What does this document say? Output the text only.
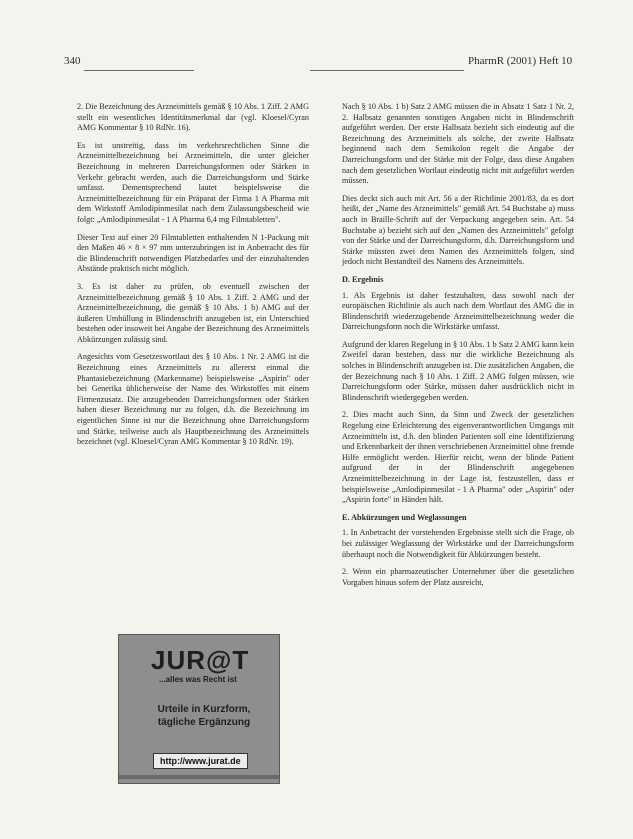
340	PharmR (2001) Heft 10

2. Die Bezeichnung des Arzneimittels gemäß § 10 Abs. 1 Ziff. 2 AMG stellt ein wesentliches Identitätsmerkmal dar (vgl. Kloesel/Cyran AMG Kommentar § 10 RdNr. 16).

Es ist unstreitig, dass im verkehrsrechtlichen Sinne die Arzneimittelbezeichnung bei Arzneimitteln, die unter gleicher Bezeichnung in mehreren Darreichungsformen oder Stärken in Verkehr gebracht werden, auch die Darreichungsform und Stärke umfasst. Dementsprechend lautet beispielsweise die Arzneimittelbezeichnung für ein Präparat der Firma 1 A Pharma mit dem Wirkstoff Amlodipinmesilat nach dem Zulassungsbescheid wie folgt: „Amlodipinmesilat - 1 A Pharma 6,4 mg Filmtabletten".

Dieser Text auf einer 20 Filmtabletten enthaltenden N 1-Packung mit den Maßen 46 × 8 × 97 mm unterzubringen ist in Anbetracht des für die Blindenschrift notwendigen Platzbedarfes und der einzuhaltenden Abstände praktisch nicht möglich.

3. Es ist daher zu prüfen, ob eventuell zwischen der Arzneimittelbezeichnung gemäß § 10 Abs. 1 Ziff. 2 AMG und der Arzneimittelbezeichnung, die gemäß § 10 Abs. 1 b) AMG auf der äußeren Umhüllung in Blindenschrift anzugeben ist, ein Unterschied bestehen oder insoweit bei Angabe der Bezeichnung des Arzneimittels Abkürzungen zulässig sind.

Angesichts vom Gesetzeswortlaut des § 10 Abs. 1 Nr. 2 AMG ist die Bezeichnung eines Arzneimittels zu allererst einmal die Phantasiebezeichnung (Markenname) beispielsweise „Aspirin" oder bei Generika üblicherweise der Name des Wirkstoffes mit einem Firmenzusatz. Die anzugebenden Darreichungsformen oder Stärken haben dieser Bezeichnung nur zu folgen, d.h. die Bezeichnung im eigentlichen Sinne ist nur die Bezeichnung ohne Darreichungsform und Stärke, teilweise auch als Hauptbezeichnung des Arzneimittels bezeichnet (vgl. Kloesel/Cyran AMG Kommentar § 10 RdNr. 19).

Nach § 10 Abs. 1 b) Satz 2 AMG müssen die in Absatz 1 Satz 1 Nr. 2, 2. Halbsatz genannten sonstigen Angaben nicht in Blindenschrift aufgeführt werden. Der erste Halbsatz bezieht sich eindeutig auf die Bezeichnung des Arzneimittels als solche, der zweite Halbsatz beginnend nach dem Semikolon regelt die Angabe der Darreichungsform und der Stärke mit der Folge, dass diese Angaben nach dem gesetzlichen Wortlaut eindeutig nicht mit aufgeführt werden müssen.

Dies deckt sich auch mit Art. 56 a der Richtlinie 2001/83, da es dort heißt, der „Name des Arzneimittels" gemäß Art. 54 Buchstabe a) muss auch in Braille-Schrift auf der Verpackung angegeben sein. Art. 54 Buchstabe a) bezieht sich auf den „Namen des Arzneimittels" gefolgt von der Stärke und der Darreichungsform, d.h. Darreichungsform und Stärke müssten zwei dem Namen des Arzneimittels folgen, sind jedoch nicht Bestandteil des Namens des Arzneimittels.

D. Ergebnis

1. Als Ergebnis ist daher festzuhalten, dass sowohl nach der europäischen Richtlinie als auch nach dem Wortlaut des AMG die in Blindenschrift wiederzugebende Arzneimittelbezeichnung weder die Darreichungsform noch die Wirkstärke umfasst.

Aufgrund der klaren Regelung in § 10 Abs. 1 b Satz 2 AMG kann kein Zweifel daran bestehen, dass nur die wirkliche Bezeichnung als solches in Blindenschrift anzugeben ist. Die zusätzlichen Angaben, die der Bezeichnung nach § 10 Abs. 1 Ziff. 2 AMG folgen müssen, wie Darreichungsform oder Stärke, müssen daher ausdrücklich nicht in Blindenschrift wiedergegeben werden.

2. Dies macht auch Sinn, da Sinn und Zweck der gesetzlichen Regelung eine Erleichterung des eigenverantwortlichen Umgangs mit Arzneimitteln ist, d.h. den blinden Patienten soll eine Identifizierung und Erkennbarkeit der ihnen verschriebenen Arzneimittel ohne fremde Hilfe ermöglicht werden. Hierfür reicht, wenn der blinde Patient aufgrund der in der Blindenschrift angegebenen Arzneimittelbezeichnung in der Lage ist, festzustellen, dass er beispielsweise „Amlodipinmesilat - 1 A Pharma" oder „Aspirin" oder „Aspirin forte" in Händen hält.

E. Abkürzungen und Weglassungen

1. In Anbetracht der vorstehenden Ergebnisse stellt sich die Frage, ob bei zulässiger Weglassung der Wirkstärke und der Darreichungsform überhaupt noch die Notwendigkeit für Abkürzungen besteht.

2. Wenn ein pharmazeutischer Unternehmer über die gesetzlichen Vorgaben hinaus sofern der Platz ausreicht,

JUR@T
...alles was Recht ist
Urteile in Kurzform, tägliche Ergänzung
http://www.jurat.de
